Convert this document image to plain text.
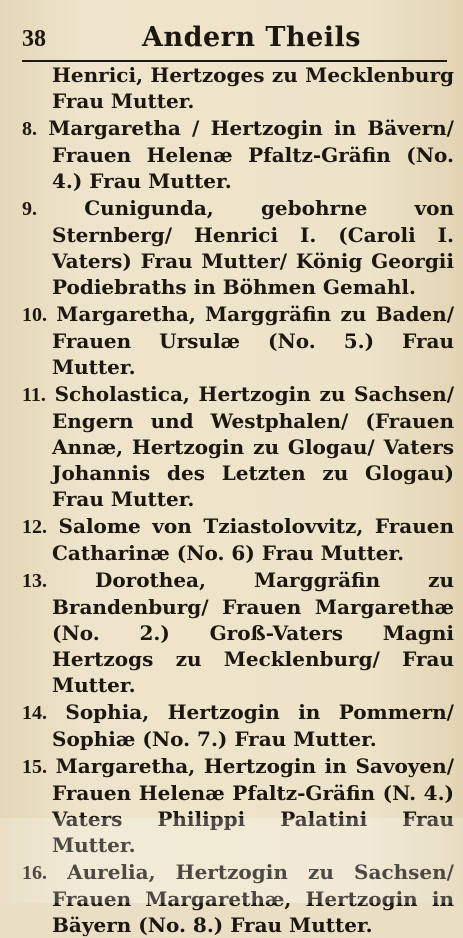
38	Andern Theils

Henrici, Hertzoges zu Mecklenburg Frau Mutter.

8. Margaretha / Hertzogin in Bävern/ Frauen Helenæ Pfaltz-Gräfin (No. 4.) Frau Mutter.

9. Cunigunda, gebohrne von Sternberg/ Henrici I. (Caroli I. Vaters) Frau Mutter/ König Georgii Podiebraths in Böhmen Gemahl.

10. Margaretha, Marggräfin zu Baden/ Frauen Ursulæ (No. 5.) Frau Mutter.

11. Scholastica, Hertzogin zu Sachsen/ Engern und Westphalen/ (Frauen Annæ, Hertzogin zu Glogau/ Vaters Johannis des Letzten zu Glogau) Frau Mutter.

12. Salome von Tziastolovvitz, Frauen Catharinæ (No. 6) Frau Mutter.

13. Dorothea, Marggräfin zu Brandenburg/ Frauen Margarethæ (No. 2.) Groß-Vaters Magni Hertzogs zu Mecklenburg/ Frau Mutter.

14. Sophia, Hertzogin in Pommern/ Sophiæ (No. 7.) Frau Mutter.

15. Margaretha, Hertzogin in Savoyen/ Frauen Helenæ Pfaltz-Gräfin (N. 4.) Vaters Philippi Palatini Frau Mutter.

16. Aurelia, Hertzogin zu Sachsen/ Frauen Margarethæ, Hertzogin in Bäyern (No. 8.) Frau Mutter.
